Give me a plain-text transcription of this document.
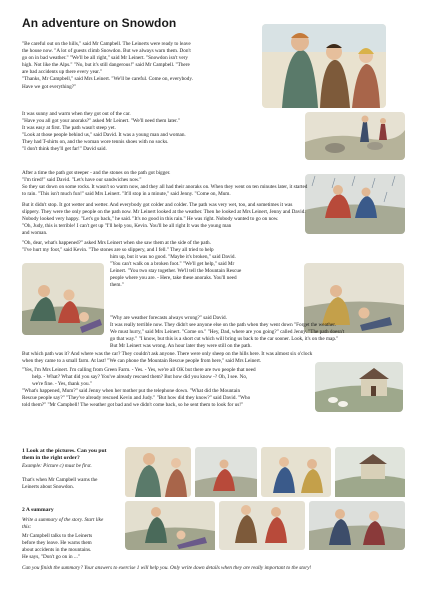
An adventure on Snowdon
"Be careful out on the hills," said Mr Campbell. The Leinerts were ready to leave
the house now. "A lot of guests climb Snowdon. But we always warn them. Don't
go on in bad weather." "We'll be all right," said Mr Leinert. "Snowdon isn't very
high. Not like the Alps." "No, but it's still dangerous!" said Mr Campbell. "There
are bad accidents up there every year."
"Thanks, Mr Campbell," said Mrs Leinert. "We'll be careful. Come on, everybody.
Have we got everything?"
It was sunny and warm when they got out of the car.
"Have you all got your anoraks?" asked Mr Leinert. "We'll need them later."
It was easy at first. The path wasn't steep yet.
"Look at those people behind us," said David. It was a young man and woman.
They had T-shirts on, and the woman wore tennis shoes with no socks.
"I don't think they'll get far!" David said.
After a time the path got steeper - and the stones on the path got bigger.
"I'm tired!" said David. "Let's have our sandwiches now."
So they sat down on some rocks. It wasn't so warm now, and they all had their anoraks on. When they went on ten minutes later, it started
to rain. "This isn't much fun!" said Mrs Leinert. "It'll stop in a minute," said Jenny. "Come on, Mum.
But it didn't stop. It got wetter and wetter. And everybody got colder and colder. The path was very wet, too, and sometimes it was
slippery. They were the only people on the path now. Mr Leinert looked at the weather. Then he looked at Mrs Leinert, Jenny and David.
Nobody looked very happy. "Let's go back," he said. "It's no good in this rain." He was right. Nobody wanted to go on now.
"Oh, Judy, this is terrible! I can't get up "I'll help you, Kevin. You'll be all right It was the young man
and woman.
"Oh, dear, what's happened?" asked Mrs Leinert when she saw them at the side of the path.
"I've hurt my foot," said Kevin. "The stones are so slippery, and I fell." They all tried to help
him up, but it was no good. "Maybe it's broken," said David.
"You can't walk on a broken foot." "We'll get help," said Mr
Leinert. "You two stay together. We'll tell the Mountain Rescue
people where you are. - Here, take these anoraks. You'll need
them."
"Why are weather forecasts always wrong?" said David.
It was really terrible now. They didn't see anyone else on the path when they went down "Forget the weather.
We must hurry," said Mrs Leinert. "Come on." "Hey, Dad, where are you going?" called Jenny. "The path doesn't
go that way." "I know, but this is a short cut which will bring us back to the car sooner. Look, it's on the map."
But Mr Leinert was wrong. An hour later they were still on the path.
But which path was it? And where was the car? They couldn't ask anyone. There were only sheep on the hills here. It was almost six o'clock
when they came to a small farm. At last! "We can phone the Mountain Rescue people from here," said Mrs Leinert.
"Yes, I'm Mrs Leinert. I'm calling from Green Farm. - Yes. - Yes, we're all OK but there are two people that need
help. - What? What did you say? You've already rescued them? But how did you know -? Oh, I see. No,
we're fine. - Yes, thank you."
"What's happened, Mum?" said Jenny when her mother put the telephone down. "What did the Mountain
Rescue people say?" "They've already rescued Kevin and Judy." "But how did they know?" said David. "Who
told them?" "Mr Campbell! The weather got bad and we didn't come back, so he sent them to look for us!"
1 Look at the pictures. Can you put
them in the right order?
Example: Picture c) must be first.
That's when Mr Campbell warns the
Leinerts about Snowdon.
2 A summary
Write a summary of the story. Start like
this:
Mr Campbell talks to the Leinerts
before they leave. He warns them
about accidents in the mountains.
He says, "Don't go on in ..."
Can you finish the summary? Your answers to exercise 1 will help you. Only write down details when they are really important to the story!
